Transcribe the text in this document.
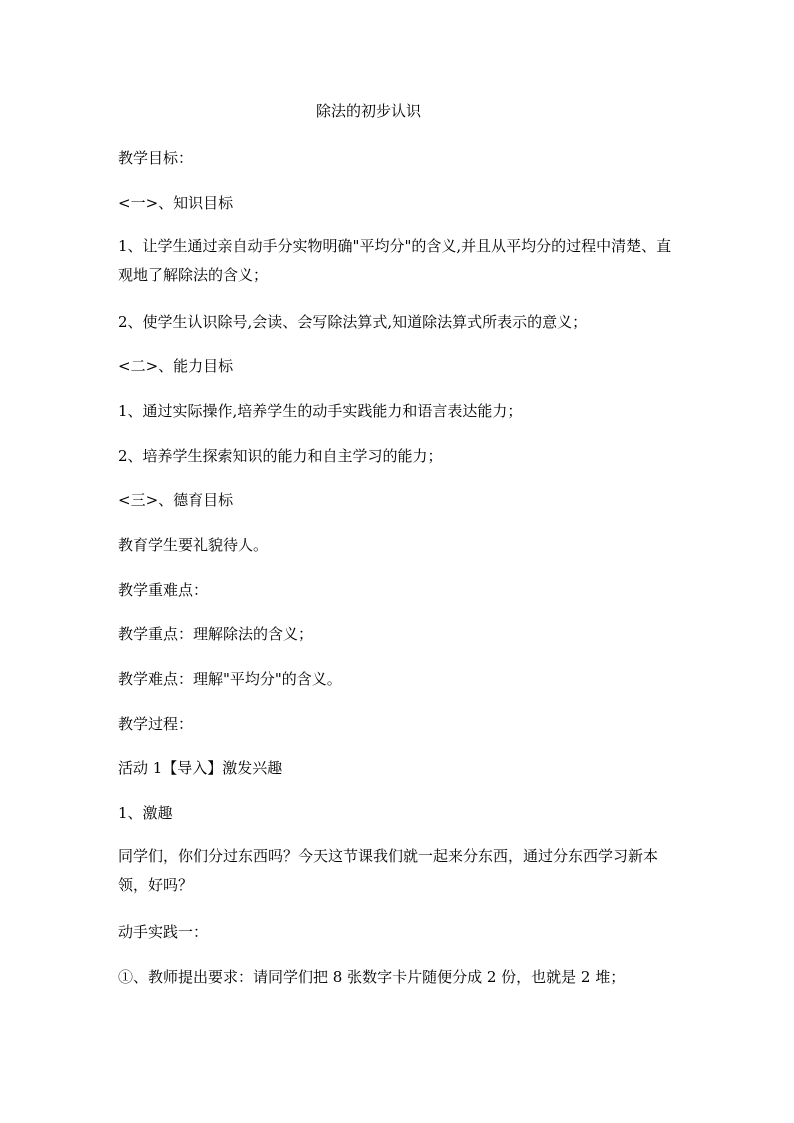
除法的初步认识

教学目标：

<一>、知识目标

1、让学生通过亲自动手分实物明确"平均分"的含义,并且从平均分的过程中清楚、直观地了解除法的含义；

2、使学生认识除号,会读、会写除法算式,知道除法算式所表示的意义；

<二>、能力目标

1、通过实际操作,培养学生的动手实践能力和语言表达能力；

2、培养学生探索知识的能力和自主学习的能力；

<三>、德育目标

教育学生要礼貌待人。

教学重难点：

教学重点：理解除法的含义；

教学难点：理解"平均分"的含义。

教学过程：

活动 1【导入】激发兴趣

1、激趣

同学们，你们分过东西吗？今天这节课我们就一起来分东西，通过分东西学习新本领，好吗？

动手实践一：

①、教师提出要求：请同学们把 8 张数字卡片随便分成 2 份，也就是 2 堆；
